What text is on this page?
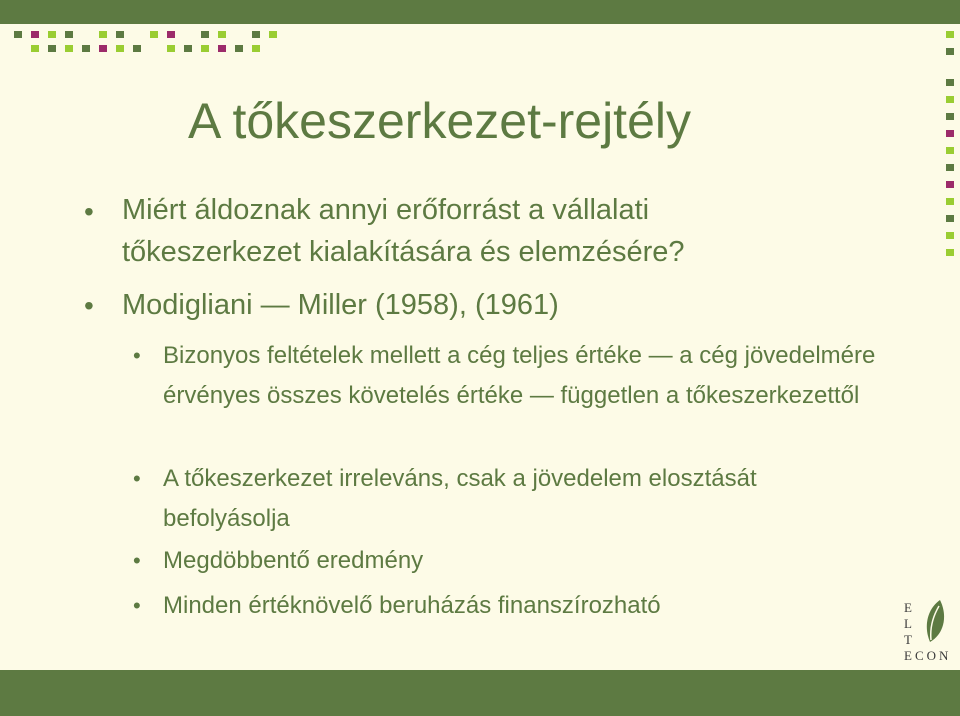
A tőkeszerkezet-rejtély
• Miért áldoznak annyi erőforrást a vállalati
tőkeszerkezet kialakítására és elemzésére?
• Modigliani ― Miller (1958), (1961)
• Bizonyos feltételek mellett a cég teljes értéke ― a cég jövedelmére érvényes összes követelés értéke ― független a tőkeszerkezettől
• A tőkeszerkezet irreleváns, csak a jövedelem elosztását befolyásolja
• Megdöbbentő eredmény
• Minden értéknövelő beruházás finanszírozható	E
L
T
ECON
